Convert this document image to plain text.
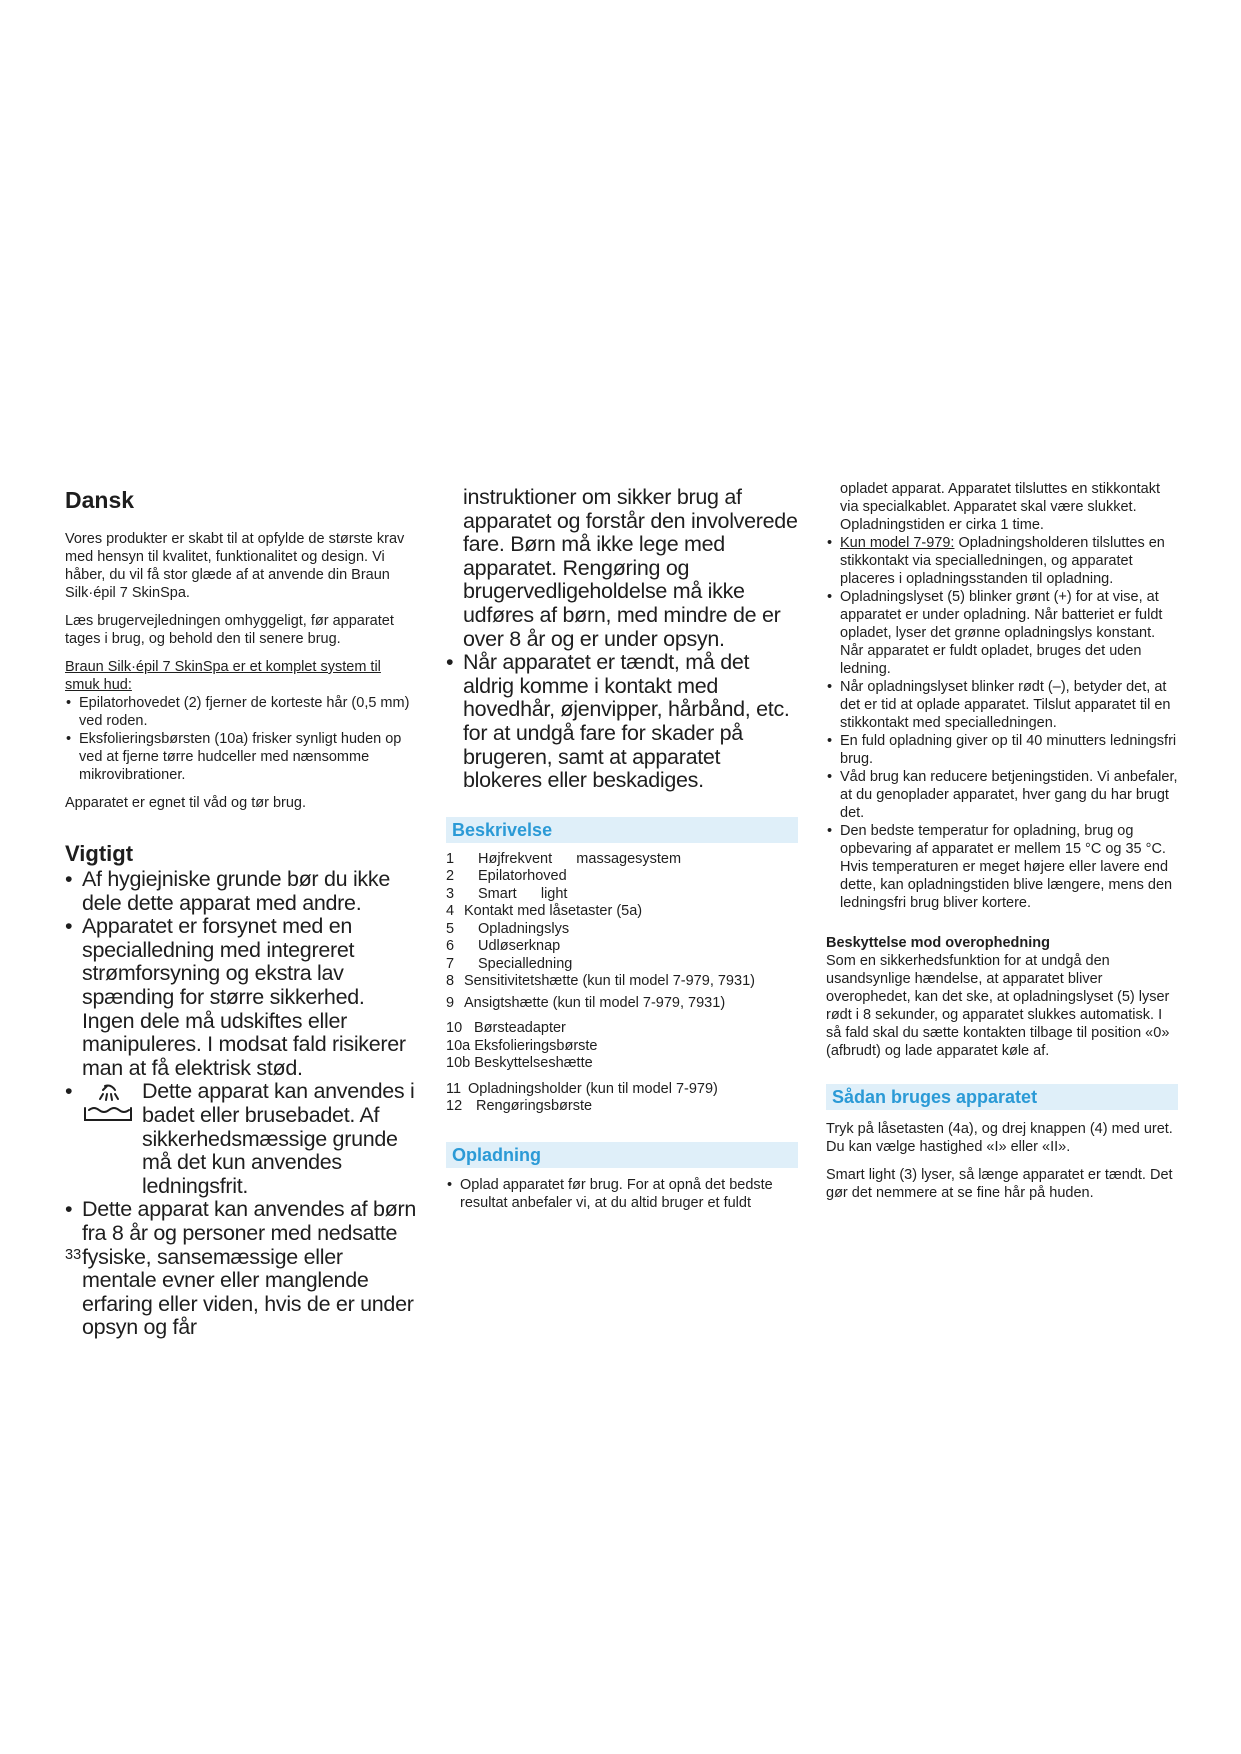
Dansk

Vores produkter er skabt til at opfylde de største krav med hensyn til kvalitet, funktionalitet og design. Vi håber, du vil få stor glæde af at anvende din Braun Silk·épil 7 SkinSpa.

Læs brugervejledningen omhyggeligt, før apparatet tages i brug, og behold den til senere brug.

Braun Silk·épil 7 SkinSpa er et komplet system til smuk hud:
• Epilatorhovedet (2) fjerner de korteste hår (0,5 mm) ved roden.
• Eksfolieringsbørsten (10a) frisker synligt huden op ved at fjerne tørre hudceller med nænsomme mikrovibrationer.

Apparatet er egnet til våd og tør brug.

Vigtigt
• Af hygiejniske grunde bør du ikke dele dette apparat med andre.
• Apparatet er forsynet med en specialledning med integreret strømforsyning og ekstra lav spænding for større sikkerhed. Ingen dele må udskiftes eller manipuleres. I modsat fald risikerer man at få elektrisk stød.
• Dette apparat kan anvendes i badet eller brusebadet. Af sikkerhedsmæssige grunde må det kun anvendes ledningsfrit.
• Dette apparat kan anvendes af børn fra 8 år og personer med nedsatte fysiske, sansemæssige eller mentale evner eller manglende erfaring eller viden, hvis de er under opsyn og får

instruktioner om sikker brug af apparatet og forstår den involverede fare. Børn må ikke lege med apparatet. Rengøring og brugervedligeholdelse må ikke udføres af børn, med mindre de er over 8 år og er under opsyn.

• Når apparatet er tændt, må det aldrig komme i kontakt med hovedhår, øjenvipper, hårbånd, etc. for at undgå fare for skader på brugeren, samt at apparatet blokeres eller beskadiges.
Beskrivelse
1	Højfrekvent      massagesystem
2	Epilatorhoved
3	Smart      light
4 Kontakt med låsetaster (5a)
5	Opladningslys
6	Udløserknap
7	Specialledning
8 Sensitivitetshætte (kun til model 7-979, 7931)
9 Ansigtshætte (kun til model 7-979, 7931)
10 Børsteadapter
10a Eksfolieringsbørste
10b Beskyttelseshætte
11 Opladningsholder (kun til model 7-979)
12 Rengøringsbørste
Opladning
• Oplad apparatet før brug. For at opnå det bedste resultat anbefaler vi, at du altid bruger et fuldt

opladet apparat. Apparatet tilsluttes en stikkontakt via specialkablet. Apparatet skal være slukket. Opladningstiden er cirka 1 time.

• Kun model 7-979: Opladningsholderen tilsluttes en stikkontakt via specialledningen, og apparatet placeres i opladningsstanden til opladning.
• Opladningslyset (5) blinker grønt (+) for at vise, at apparatet er under opladning. Når batteriet er fuldt opladet, lyser det grønne opladningslys konstant. Når apparatet er fuldt opladet, bruges det uden ledning.
• Når opladningslyset blinker rødt (–), betyder det, at det er tid at oplade apparatet. Tilslut apparatet til en stikkontakt med specialledningen.
• En fuld opladning giver op til 40 minutters ledningsfri brug.
• Våd brug kan reducere betjeningstiden. Vi anbefaler, at du genoplader apparatet, hver gang du har brugt det.
• Den bedste temperatur for opladning, brug og opbevaring af apparatet er mellem 15 °C og 35 °C. Hvis temperaturen er meget højere eller lavere end dette, kan opladningstiden blive længere, mens den ledningsfri brug bliver kortere.
Beskyttelse mod overophedning

Som en sikkerhedsfunktion for at undgå den usandsynlige hændelse, at apparatet bliver overophedet, kan det ske, at opladningslyset (5) lyser rødt i 8 sekunder, og apparatet slukkes automatisk. I så fald skal du sætte kontakten tilbage til position «0» (afbrudt) og lade apparatet køle af.

Sådan bruges apparatet

Tryk på låsetasten (4a), og drej knappen (4) med uret. Du kan vælge hastighed «I» eller «II».

Smart light (3) lyser, så længe apparatet er tændt. Det gør det nemmere at se fine hår på huden.

33
